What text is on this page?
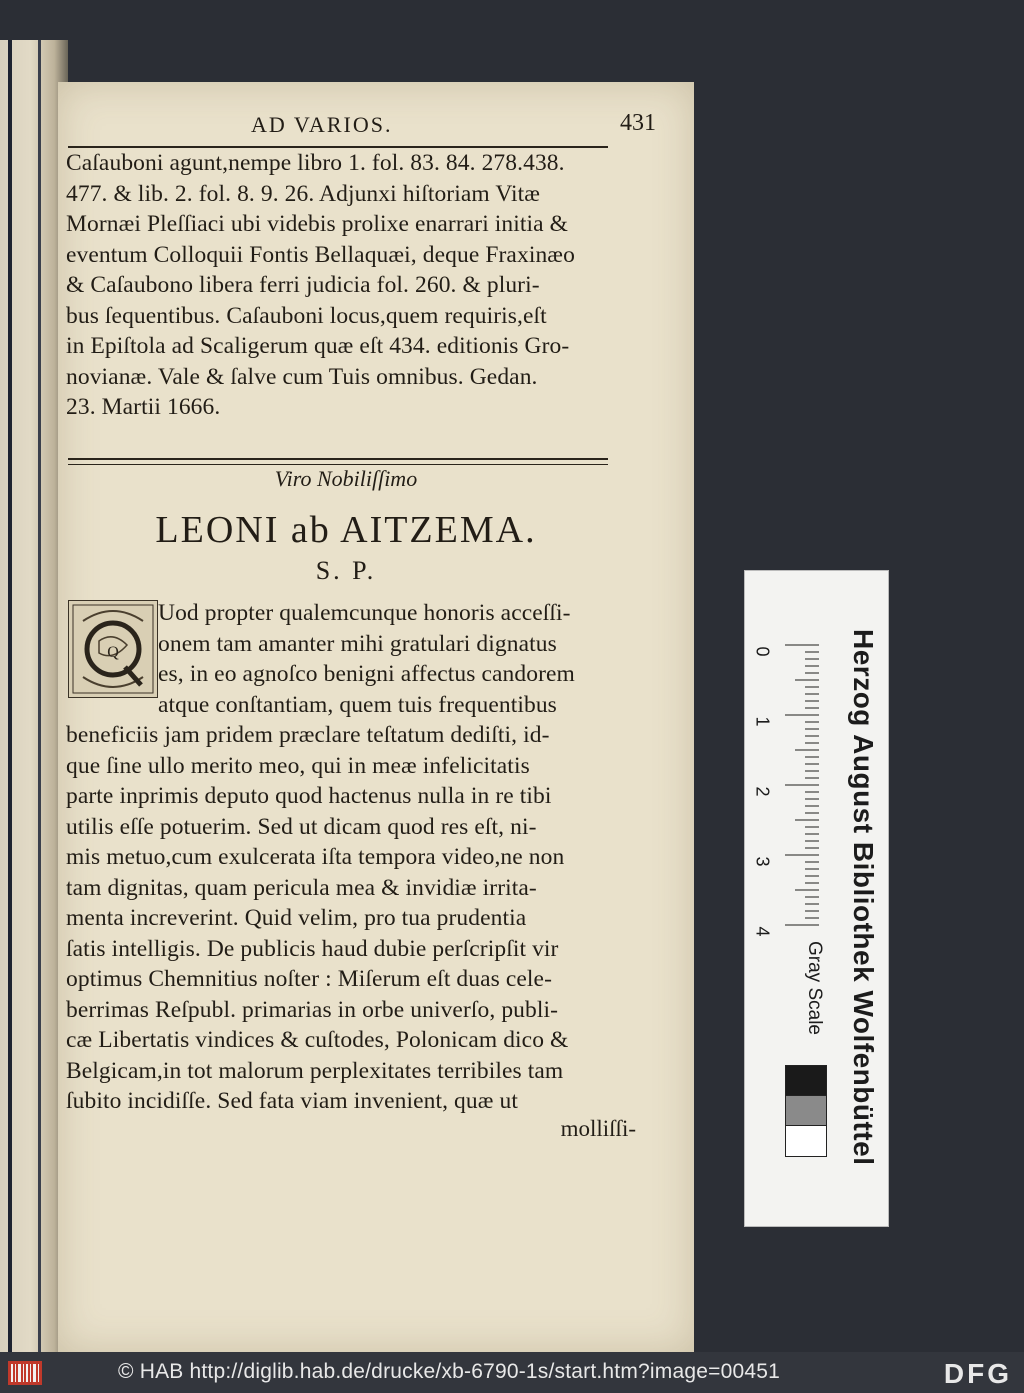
AD VARIOS.	431
Caſauboni agunt,nempe libro 1. fol. 83. 84. 278.438.
477. & lib. 2. fol. 8. 9. 26. Adjunxi hiſtoriam Vitæ
Mornæi Pleſſiaci ubi videbis prolixe enarrari initia &
eventum Colloquii Fontis Bellaquæi, deque Fraxinæo
& Caſaubono libera ferri judicia fol. 260. & pluri-
bus ſequentibus. Caſauboni locus,quem requiris,eſt
in Epiſtola ad Scaligerum quæ eſt 434. editionis Gro-
novianæ. Vale & ſalve cum Tuis omnibus. Gedan.
23. Martii 1666.
Viro Nobiliſſimo
LEONI ab AITZEMA.
S. P.
Q
Uod propter qualemcunque honoris acceſſi-
onem tam amanter mihi gratulari dignatus
es, in eo agnoſco benigni affectus candorem
atque conſtantiam, quem tuis frequentibus
beneficiis jam pridem præclare teſtatum dediſti, id-
que ſine ullo merito meo, qui in meæ infelicitatis
parte inprimis deputo quod hactenus nulla in re tibi
utilis eſſe potuerim. Sed ut dicam quod res eſt, ni-
mis metuo,cum exulcerata iſta tempora video,ne non
tam dignitas, quam pericula mea & invidiæ irrita-
menta increverint. Quid velim, pro tua prudentia
ſatis intelligis. De publicis haud dubie perſcripſit vir
optimus Chemnitius noſter : Miſerum eſt duas cele-
berrimas Reſpubl. primarias in orbe univerſo, publi-
cæ Libertatis vindices & cuſtodes, Polonicam dico &
Belgicam,in tot malorum perplexitates terribiles tam
ſubito incidiſſe. Sed fata viam invenient, quæ ut
molliſſi-
0
1
2
3
4	Herzog August Bibliothek Wolfenbüttel
Gray Scale
© HAB http://diglib.hab.de/drucke/xb-6790-1s/start.htm?image=00451	DFG
